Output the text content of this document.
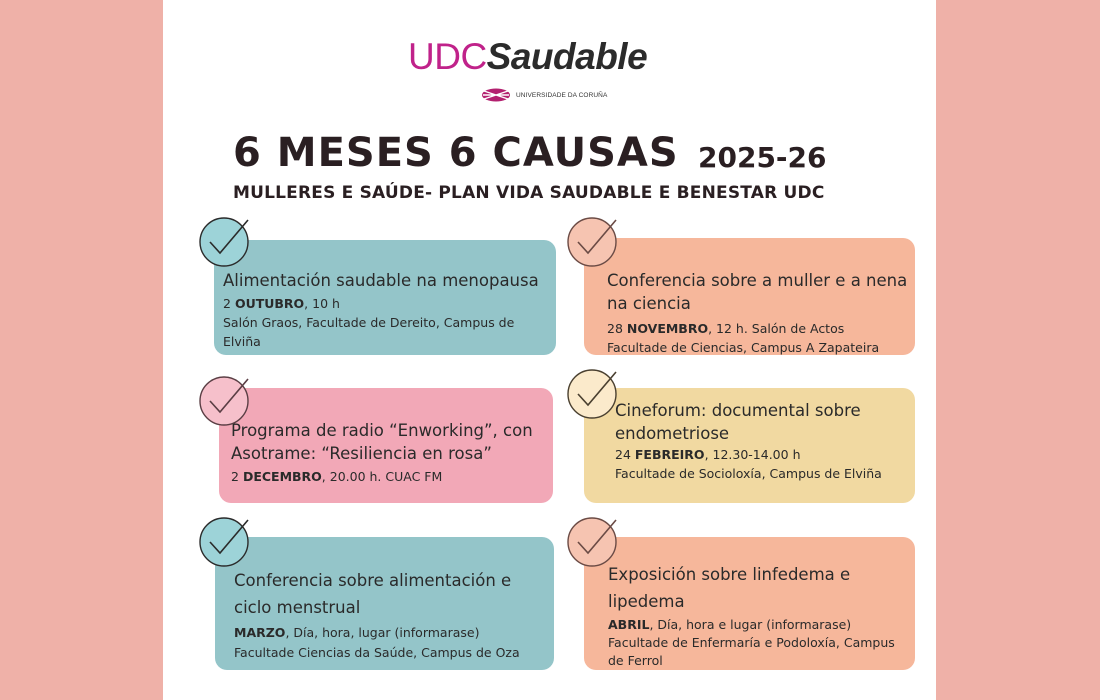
UDCSaudable
UNIVERSIDADE DA CORUÑA
6 MESES 6 CAUSAS 2025-26
MULLERES E SAÚDE- PLAN VIDA SAUDABLE E BENESTAR UDC
Alimentación saudable na menopausa
2 OUTUBRO, 10 h
Salón Graos, Facultade de Dereito, Campus de Elviña
Conferencia sobre a muller e a nena na ciencia
28 NOVEMBRO, 12 h. Salón de Actos
Facultade de Ciencias, Campus A Zapateira
Programa de radio “Enworking”, con Asotrame: “Resiliencia en rosa”
2 DECEMBRO, 20.00 h. CUAC FM
Cineforum: documental sobre endometriose
24 FEBREIRO, 12.30-14.00 h
Facultade de Socioloxía, Campus de Elviña
Conferencia sobre alimentación e ciclo menstrual
MARZO, Día, hora, lugar (informarase)
Facultade Ciencias da Saúde, Campus de Oza
Exposición sobre linfedema e lipedema
ABRIL, Día, hora e lugar (informarase)
Facultade de Enfermaría e Podoloxía, Campus de Ferrol
